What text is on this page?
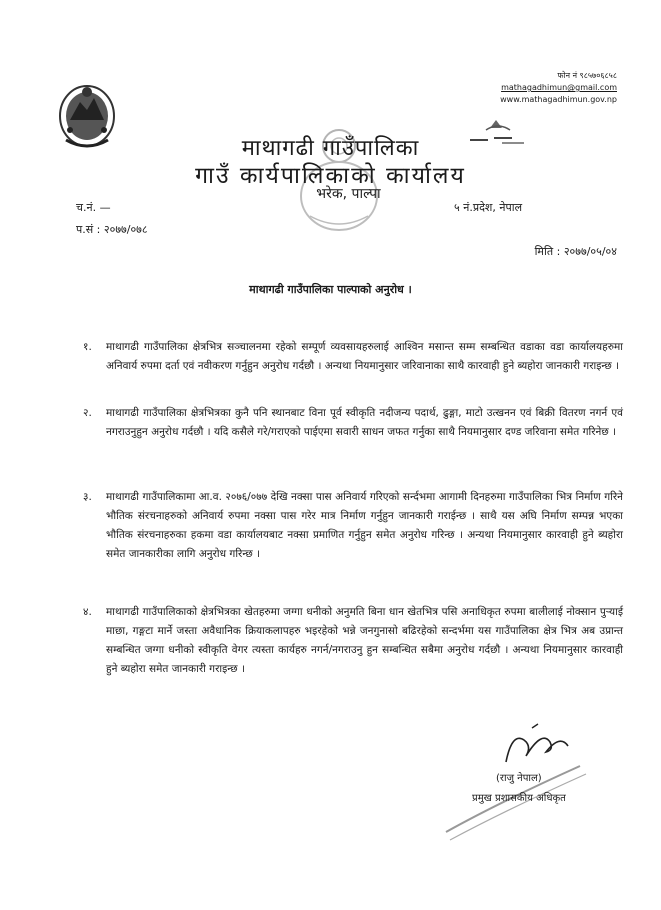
फोन नं ९८५७०६८५८
mathagadhimun@gmail.com
www.mathagadhimun.gov.np
माथागढी गाउँपालिका
गाउँ कार्यपालिकाको कार्यालय
भरेक, पाल्पा
च.नं. —
प.सं : २०७७/०७८
५ नं.प्रदेश, नेपाल
मिति : २०७७/०५/०४
माथागढी गाउँपालिका पाल्पाको अनुरोध ।
१. माथागढी गाउँपालिका क्षेत्रभित्र सञ्चालनमा रहेको सम्पूर्ण व्यवसायहरुलाई आश्विन मसान्त सम्म सम्बन्धित वडाका वडा कार्यालयहरुमा अनिवार्य रुपमा दर्ता एवं नवीकरण गर्नुहुन अनुरोध गर्दछौ । अन्यथा नियमानुसार जरिवानाका साथै कारवाही हुने ब्यहोरा जानकारी गराइन्छ ।
२. माथागढी गाउँपालिका क्षेत्रभित्रका कुनै पनि स्थानबाट विना पूर्व स्वीकृति नदीजन्य पदार्थ, ढुङ्गा, माटो उत्खनन एवं बिक्री वितरण नगर्न एवं नगराउनुहुन अनुरोध गर्दछौ । यदि कसैले गरे/गराएको पाईएमा सवारी साधन जफत गर्नुका साथै नियमानुसार दण्ड जरिवाना समेत गरिनेछ ।
३. माथागढी गाउँपालिकामा आ.व. २०७६/०७७ देखि नक्सा पास अनिवार्य गरिएको सर्न्दभमा आगामी दिनहरुमा गाउँपालिका भित्र निर्माण गरिने भौतिक संरचनाहरुको अनिवार्य रुपमा नक्सा पास गरेर मात्र निर्माण गर्नुहुन जानकारी गराईन्छ । साथै यस अघि निर्माण सम्पन्न भएका भौतिक संरचनाहरुका हकमा वडा कार्यालयबाट नक्सा प्रमाणित गर्नुहुन समेत अनुरोध गरिन्छ । अन्यथा नियमानुसार कारवाही हुने ब्यहोरा समेत जानकारीका लागि अनुरोध गरिन्छ ।
४. माथागढी गाउँपालिकाको क्षेत्रभित्रका खेतहरुमा जग्गा धनीको अनुमति बिना धान खेतभित्र पसि अनाधिकृत रुपमा बालीलाई नोक्सान पुऱ्याई माछा, गङ्गटा मार्ने जस्ता अवैधानिक क्रियाकलापहरु भइरहेको भन्ने जनगुनासो बढिरहेको सन्दर्भमा यस गाउँपालिका क्षेत्र भित्र अब उप्रान्त सम्बन्धित जग्गा धनीको स्वीकृति वेगर त्यस्ता कार्यहरु नगर्न/नगराउनु हुन सम्बन्धित सबैमा अनुरोध गर्दछौ । अन्यथा नियमानुसार कारवाही हुने ब्यहोरा समेत जानकारी गराइन्छ ।
(राजु नेपाल)
प्रमुख प्रशासकीय अधिकृत
